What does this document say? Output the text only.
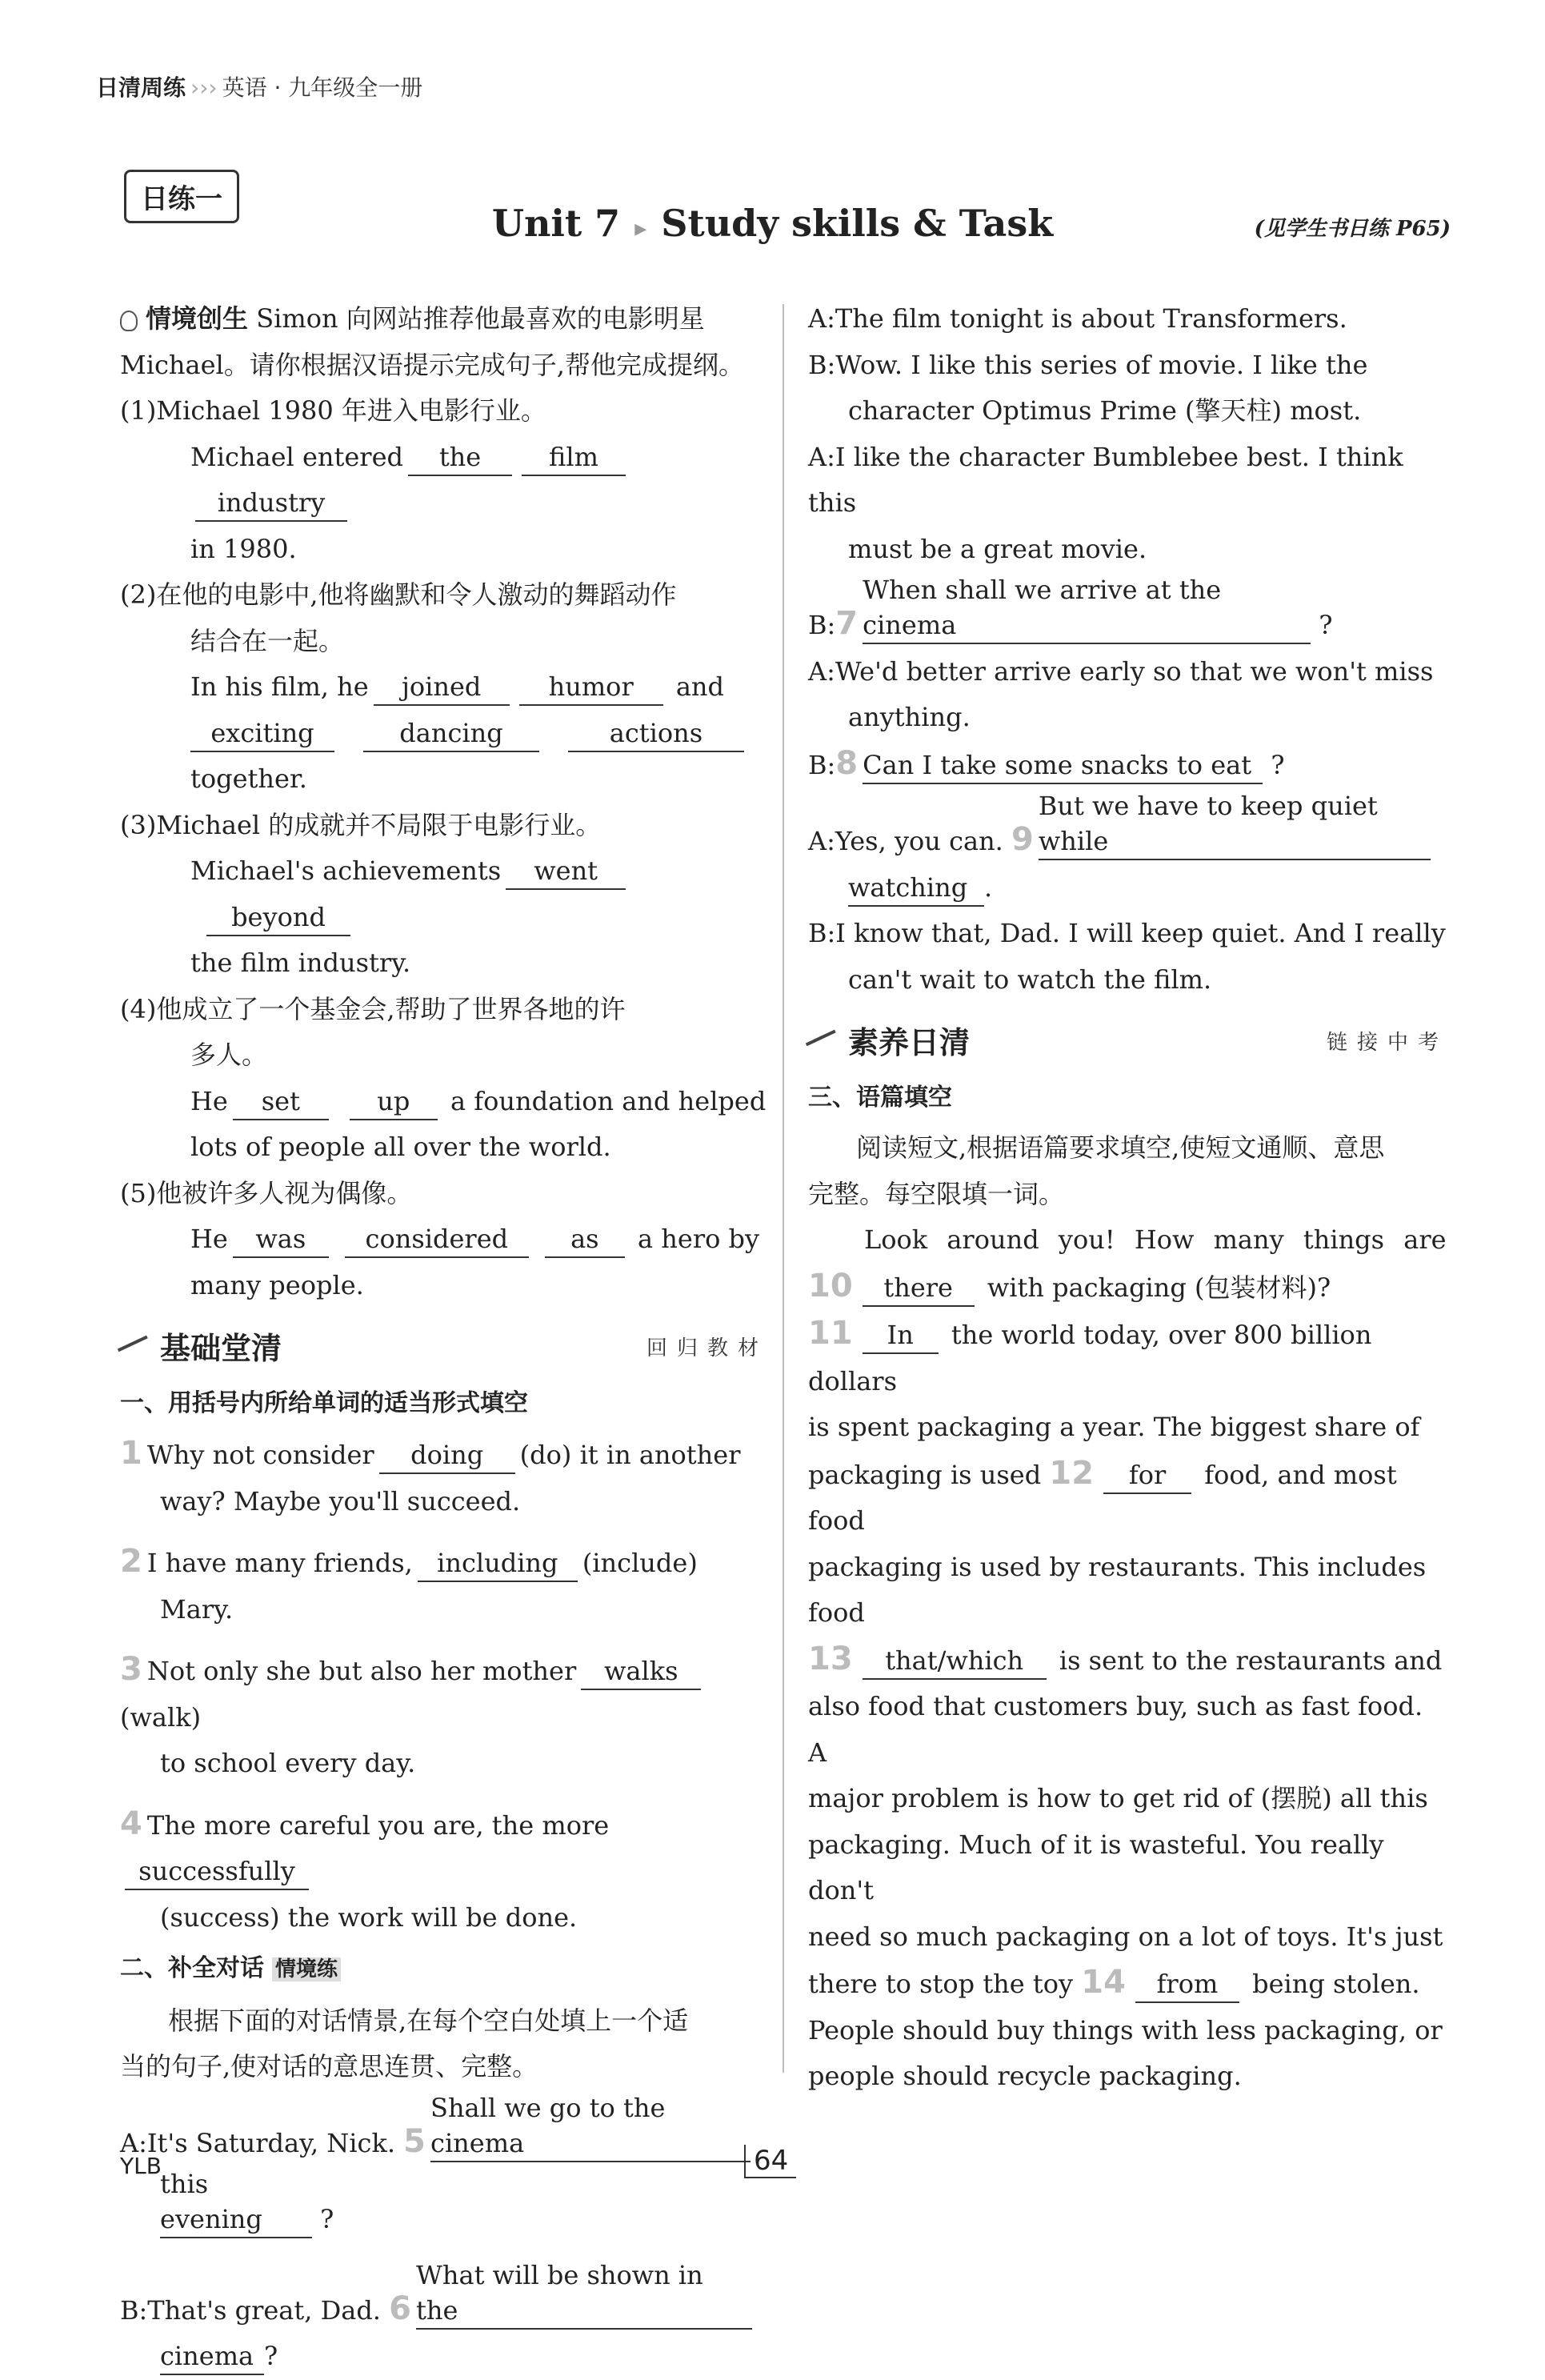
日清周练 ››› 英语 · 九年级全一册
日练一
Unit 7 ▸ Study skills & Task	(见学生书日练 P65)

情境创生 Simon 向网站推荐他最喜欢的电影明星

Michael。请你根据汉语提示完成句子,帮他完成提纲。

(1)Michael 1980 年进入电影行业。

Michael entered the	filmindustry

in 1980.

(2)在他的电影中,他将幽默和令人激动的舞蹈动作

结合在一起。

In his film, he joined	humor and

exciting	dancing	actions

together.

(3)Michael 的成就并不局限于电影行业。

Michael's achievements wentbeyond

the film industry.

(4)他成立了一个基金会,帮助了世界各地的许

多人。

He set	up a foundation and helped

lots of people all over the world.

(5)他被许多人视为偶像。

He was considered as a hero by

many people.

基础堂清	回归教材

一、用括号内所给单词的适当形式填空

1 Why not consider doing (do) it in another

way? Maybe you'll succeed.

2 I have many friends, including (include)

Mary.

3 Not only she but also her mother walks(walk)

to school every day.

4 The more careful you are, the moresuccessfully

(success) the work will be done.

二、补全对话 情境练

根据下面的对话情景,在每个空白处填上一个适

当的句子,使对话的意思连贯、完整。

A:It's Saturday, Nick. 5Shall we go to the cinema

this evening ?

B:That's great, Dad. 6What will be shown in the

cinema ?

A:The film tonight is about Transformers.

B:Wow. I like this series of movie. I like the

character Optimus Prime (擎天柱) most.

A:I like the character Bumblebee best. I think this

must be a great movie.

B:7When shall we arrive at the cinema	?

A:We'd better arrive early so that we won't miss

anything.

B:8 Can I take some snacks to eat ?

A:Yes, you can. 9But we have to keep quiet while

watching .

B:I know that, Dad. I will keep quiet. And I really

can't wait to watch the film.

素养日清	链接中考

三、语篇填空

阅读短文,根据语篇要求填空,使短文通顺、意思

完整。每空限填一词。

Look around you! How many things are

10 there with packaging (包装材料)?

11 In the world today, over 800 billion dollars

is spent packaging a year. The biggest share of

packaging is used 12 for food, and most food

packaging is used by restaurants. This includes food

13 that/which is sent to the restaurants and

also food that customers buy, such as fast food. A

major problem is how to get rid of (摆脱) all this

packaging. Much of it is wasteful. You really don't

need so much packaging on a lot of toys. It's just

there to stop the toy 14 from being stolen.

People should buy things with less packaging, or

people should recycle packaging.

YLB	64
